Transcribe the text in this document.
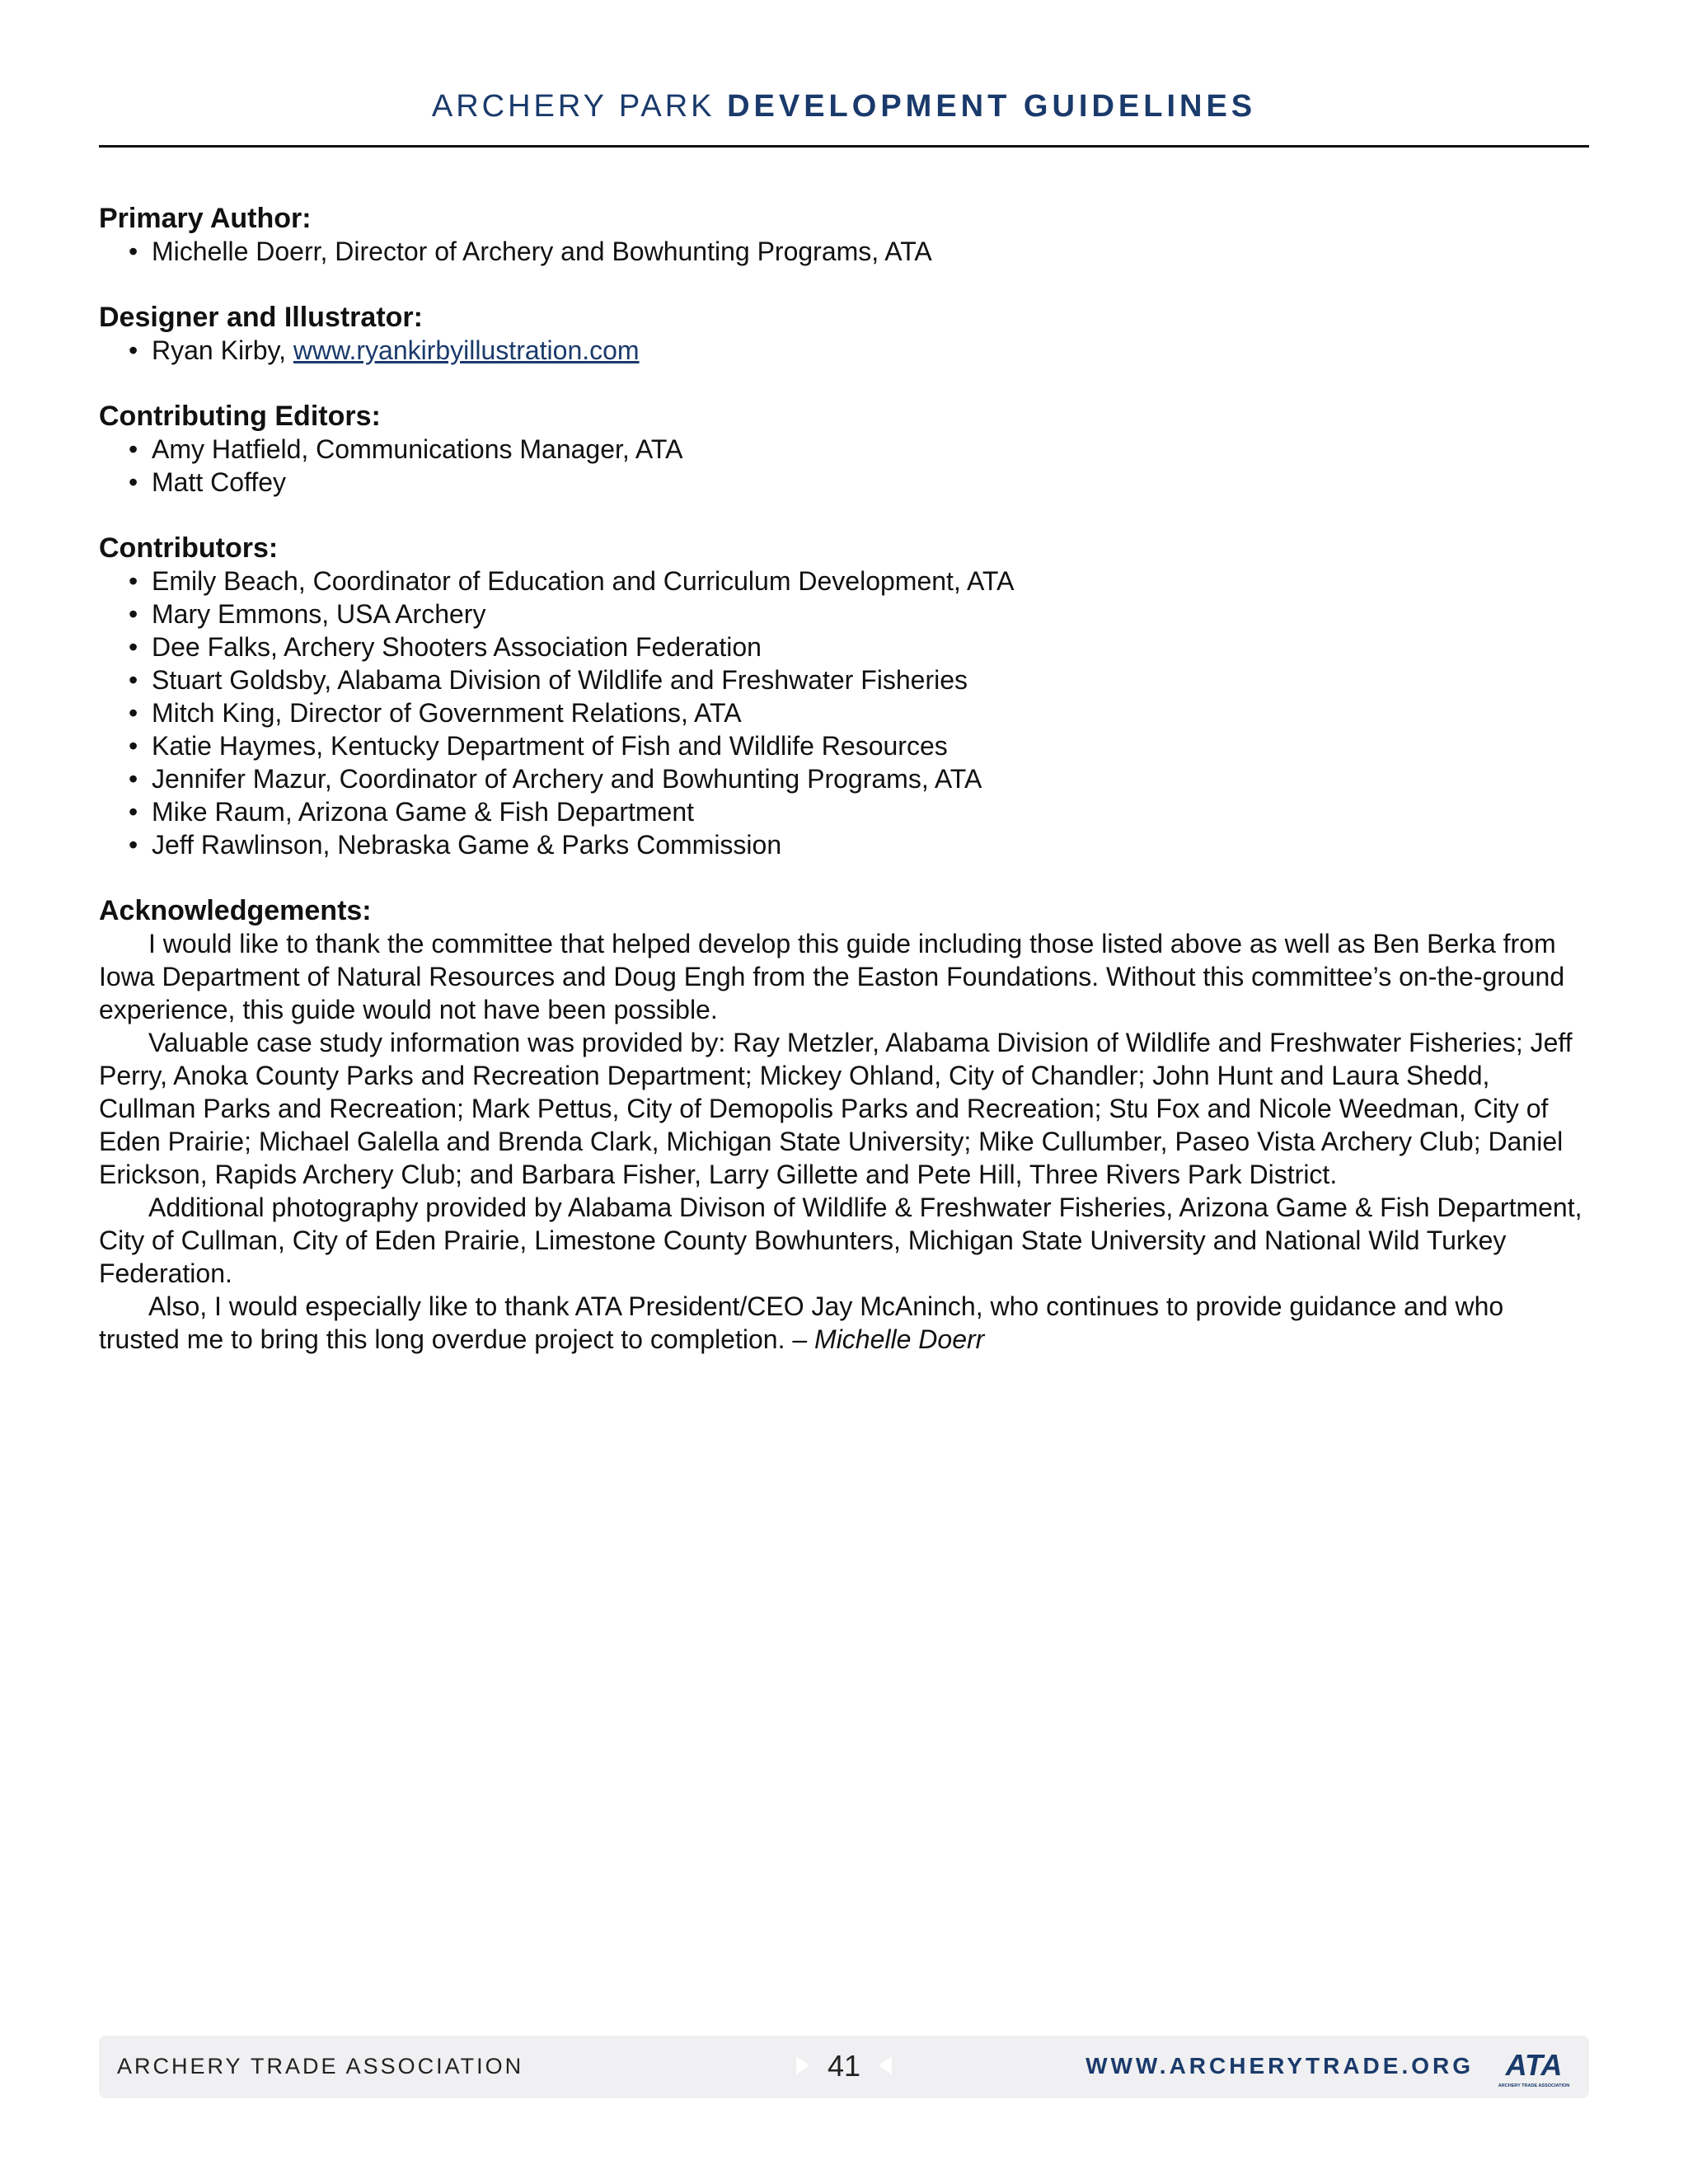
ARCHERY PARK DEVELOPMENT GUIDELINES

Primary Author:

• Michelle Doerr, Director of Archery and Bowhunting Programs, ATA

Designer and Illustrator:

• Ryan Kirby, www.ryankirbyillustration.com

Contributing Editors:

• Amy Hatfield, Communications Manager, ATA
• Matt Coffey

Contributors:

• Emily Beach, Coordinator of Education and Curriculum Development, ATA
• Mary Emmons, USA Archery
• Dee Falks, Archery Shooters Association Federation
• Stuart Goldsby, Alabama Division of Wildlife and Freshwater Fisheries
• Mitch King, Director of Government Relations, ATA
• Katie Haymes, Kentucky Department of Fish and Wildlife Resources
• Jennifer Mazur, Coordinator of Archery and Bowhunting Programs, ATA
• Mike Raum, Arizona Game & Fish Department
• Jeff Rawlinson, Nebraska Game & Parks Commission

Acknowledgements:

I would like to thank the committee that helped develop this guide including those listed above as well as Ben Berka from Iowa Department of Natural Resources and Doug Engh from the Easton Foundations. Without this committee’s on-the-ground experience, this guide would not have been possible.

Valuable case study information was provided by: Ray Metzler, Alabama Division of Wildlife and Freshwater Fisheries; Jeff Perry, Anoka County Parks and Recreation Department; Mickey Ohland, City of Chandler; John Hunt and Laura Shedd, Cullman Parks and Recreation; Mark Pettus, City of Demopolis Parks and Recreation; Stu Fox and Nicole Weedman, City of Eden Prairie; Michael Galella and Brenda Clark, Michigan State University; Mike Cullumber, Paseo Vista Archery Club; Daniel Erickson, Rapids Archery Club; and Barbara Fisher, Larry Gillette and Pete Hill, Three Rivers Park District.

Additional photography provided by Alabama Divison of Wildlife & Freshwater Fisheries, Arizona Game & Fish Department, City of Cullman, City of Eden Prairie, Limestone County Bowhunters, Michigan State University and National Wild Turkey Federation.

Also, I would especially like to thank ATA President/CEO Jay McAninch, who continues to provide guidance and who trusted me to bring this long overdue project to completion. – Michelle Doerr

ARCHERY TRADE ASSOCIATION	41	WWW.ARCHERYTRADE.ORG ATA
ARCHERY TRADE ASSOCIATION
